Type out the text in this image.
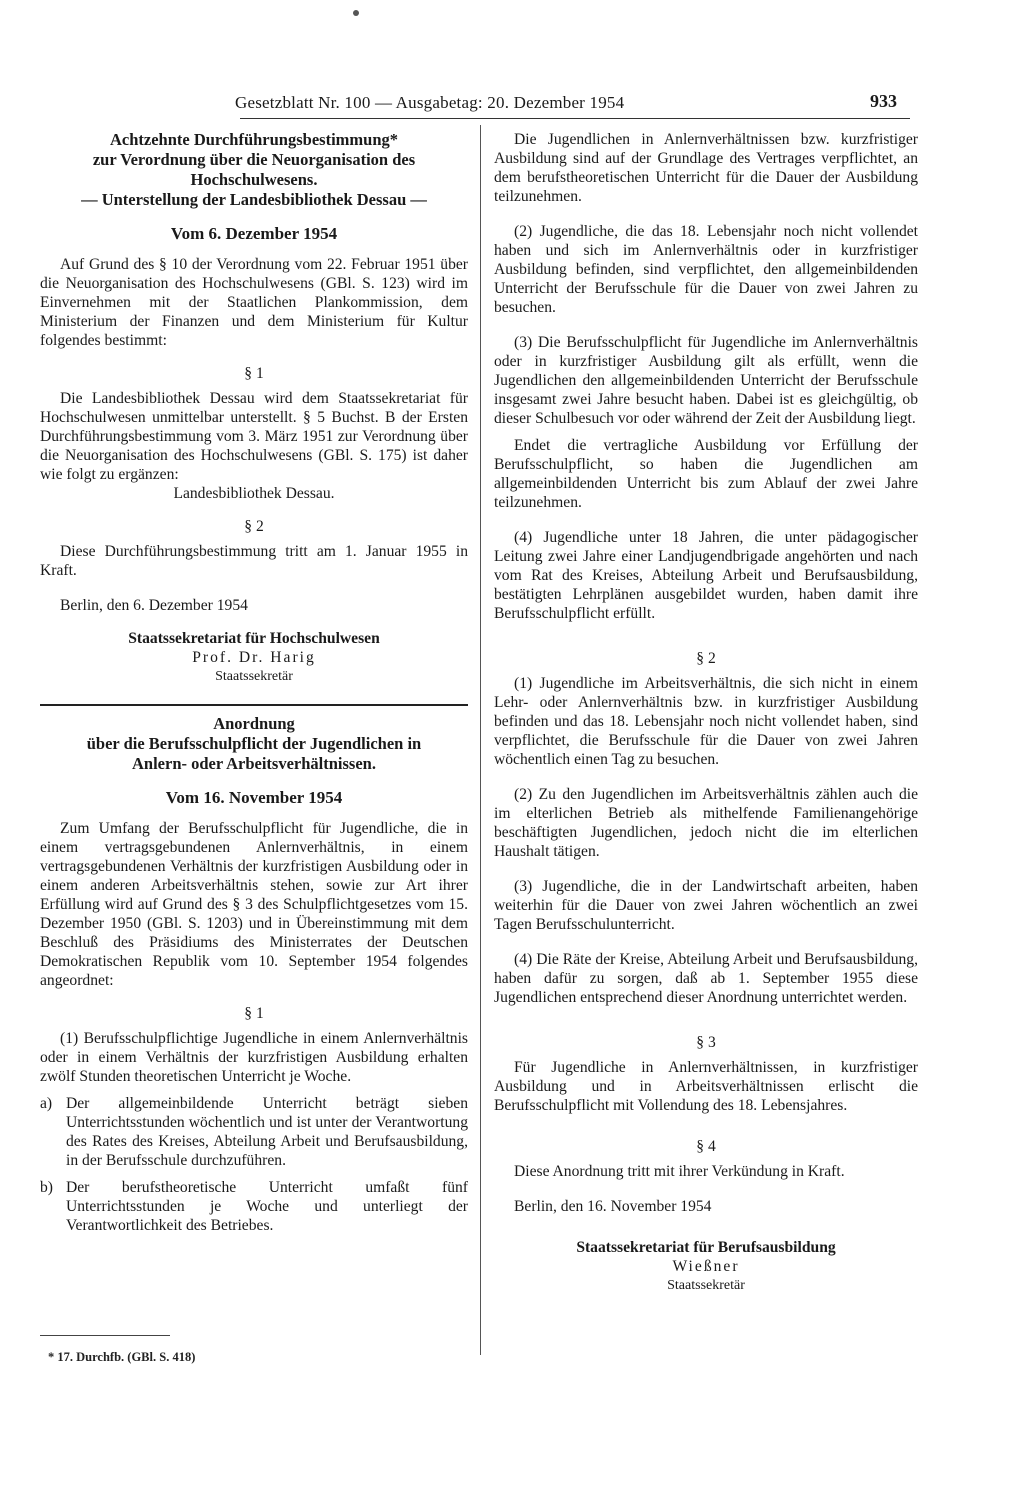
Gesetzblatt Nr. 100 — Ausgabetag: 20. Dezember 1954	933
Achtzehnte Durchführungsbestimmung*
zur Verordnung über die Neuorganisation des
Hochschulwesens.
— Unterstellung der Landesbibliothek Dessau —
Vom 6. Dezember 1954

Auf Grund des § 10 der Verordnung vom 22. Februar 1951 über die Neuorganisation des Hochschulwesens (GBl. S. 123) wird im Einvernehmen mit der Staatlichen Plankommission, dem Ministerium der Finanzen und dem Ministerium für Kultur folgendes bestimmt:

§ 1

Die Landesbibliothek Dessau wird dem Staatssekretariat für Hochschulwesen unmittelbar unterstellt. § 5 Buchst. B der Ersten Durchführungsbestimmung vom 3. März 1951 zur Verordnung über die Neuorganisation des Hochschulwesens (GBl. S. 175) ist daher wie folgt zu ergänzen:

Landesbibliothek Dessau.
§ 2

Diese Durchführungsbestimmung tritt am 1. Januar 1955 in Kraft.

Berlin, den 6. Dezember 1954

Staatssekretariat für Hochschulwesen
Prof. Dr. Harig
Staatssekretär
Anordnung
über die Berufsschulpflicht der Jugendlichen in
Anlern- oder Arbeitsverhältnissen.
Vom 16. November 1954

Zum Umfang der Berufsschulpflicht für Jugendliche, die in einem vertragsgebundenen Anlernverhältnis, in einem vertragsgebundenen Verhältnis der kurzfristigen Ausbildung oder in einem anderen Arbeitsverhältnis stehen, sowie zur Art ihrer Erfüllung wird auf Grund des § 3 des Schulpflichtgesetzes vom 15. Dezember 1950 (GBl. S. 1203) und in Übereinstimmung mit dem Beschluß des Präsidiums des Ministerrates der Deutschen Demokratischen Republik vom 10. September 1954 folgendes angeordnet:

§ 1

(1) Berufsschulpflichtige Jugendliche in einem Anlernverhältnis oder in einem Verhältnis der kurzfristigen Ausbildung erhalten zwölf Stunden theoretischen Unterricht je Woche.

a) Der allgemeinbildende Unterricht beträgt sieben Unterrichtsstunden wöchentlich und ist unter der Verantwortung des Rates des Kreises, Abteilung Arbeit und Berufsausbildung, in der Berufsschule durchzuführen.
b) Der berufstheoretische Unterricht umfaßt fünf Unterrichtsstunden je Woche und unterliegt der Verantwortlichkeit des Betriebes.

Die Jugendlichen in Anlernverhältnissen bzw. kurzfristiger Ausbildung sind auf der Grundlage des Vertrages verpflichtet, an dem berufstheoretischen Unterricht für die Dauer der Ausbildung teilzunehmen.

(2) Jugendliche, die das 18. Lebensjahr noch nicht vollendet haben und sich im Anlernverhältnis oder in kurzfristiger Ausbildung befinden, sind verpflichtet, den allgemeinbildenden Unterricht der Berufsschule für die Dauer von zwei Jahren zu besuchen.

(3) Die Berufsschulpflicht für Jugendliche im Anlernverhältnis oder in kurzfristiger Ausbildung gilt als erfüllt, wenn die Jugendlichen den allgemeinbildenden Unterricht der Berufsschule insgesamt zwei Jahre besucht haben. Dabei ist es gleichgültig, ob dieser Schulbesuch vor oder während der Zeit der Ausbildung liegt.

Endet die vertragliche Ausbildung vor Erfüllung der Berufsschulpflicht, so haben die Jugendlichen am allgemeinbildenden Unterricht bis zum Ablauf der zwei Jahre teilzunehmen.

(4) Jugendliche unter 18 Jahren, die unter pädagogischer Leitung zwei Jahre einer Landjugendbrigade angehörten und nach vom Rat des Kreises, Abteilung Arbeit und Berufsausbildung, bestätigten Lehrplänen ausgebildet wurden, haben damit ihre Berufsschulpflicht erfüllt.

§ 2

(1) Jugendliche im Arbeitsverhältnis, die sich nicht in einem Lehr- oder Anlernverhältnis bzw. in kurzfristiger Ausbildung befinden und das 18. Lebensjahr noch nicht vollendet haben, sind verpflichtet, die Berufsschule für die Dauer von zwei Jahren wöchentlich einen Tag zu besuchen.

(2) Zu den Jugendlichen im Arbeitsverhältnis zählen auch die im elterlichen Betrieb als mithelfende Familienangehörige beschäftigten Jugendlichen, jedoch nicht die im elterlichen Haushalt tätigen.

(3) Jugendliche, die in der Landwirtschaft arbeiten, haben weiterhin für die Dauer von zwei Jahren wöchentlich an zwei Tagen Berufsschulunterricht.

(4) Die Räte der Kreise, Abteilung Arbeit und Berufsausbildung, haben dafür zu sorgen, daß ab 1. September 1955 diese Jugendlichen entsprechend dieser Anordnung unterrichtet werden.

§ 3

Für Jugendliche in Anlernverhältnissen, in kurzfristiger Ausbildung und in Arbeitsverhältnissen erlischt die Berufsschulpflicht mit Vollendung des 18. Lebensjahres.

§ 4

Diese Anordnung tritt mit ihrer Verkündung in Kraft.

Berlin, den 16. November 1954

Staatssekretariat für Berufsausbildung
Wießner
Staatssekretär
* 17. Durchfb. (GBl. S. 418)
